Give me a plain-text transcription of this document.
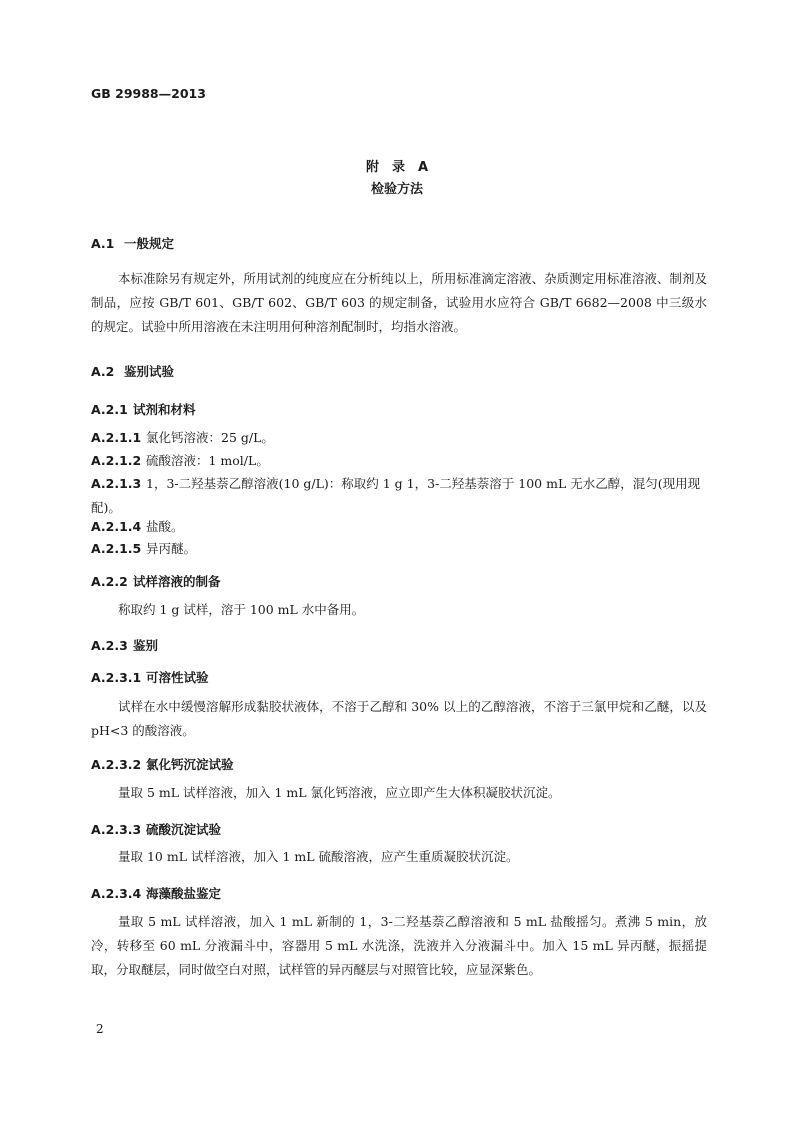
GB 29988—2013
附　录　A
检验方法
A.1 一般规定
本标准除另有规定外，所用试剂的纯度应在分析纯以上，所用标准滴定溶液、杂质测定用标准溶液、制剂及制品，应按 GB/T 601、GB/T 602、GB/T 603 的规定制备，试验用水应符合 GB/T 6682—2008 中三级水的规定。试验中所用溶液在未注明用何种溶剂配制时，均指水溶液。
A.2 鉴别试验
A.2.1 试剂和材料
A.2.1.1 氯化钙溶液：25 g/L。
A.2.1.2 硫酸溶液：1 mol/L。
A.2.1.3 1，3-二羟基萘乙醇溶液(10 g/L)：称取约 1 g 1，3-二羟基萘溶于 100 mL 无水乙醇，混匀(现用现配)。
A.2.1.4 盐酸。
A.2.1.5 异丙醚。
A.2.2 试样溶液的制备
称取约 1 g 试样，溶于 100 mL 水中备用。
A.2.3 鉴别
A.2.3.1 可溶性试验
试样在水中缓慢溶解形成黏胶状液体，不溶于乙醇和 30% 以上的乙醇溶液，不溶于三氯甲烷和乙醚，以及 pH<3 的酸溶液。
A.2.3.2 氯化钙沉淀试验
量取 5 mL 试样溶液，加入 1 mL 氯化钙溶液，应立即产生大体积凝胶状沉淀。
A.2.3.3 硫酸沉淀试验
量取 10 mL 试样溶液，加入 1 mL 硫酸溶液，应产生重质凝胶状沉淀。
A.2.3.4 海藻酸盐鉴定
量取 5 mL 试样溶液，加入 1 mL 新制的 1，3-二羟基萘乙醇溶液和 5 mL 盐酸摇匀。煮沸 5 min，放冷，转移至 60 mL 分液漏斗中，容器用 5 mL 水洗涤，洗液并入分液漏斗中。加入 15 mL 异丙醚，振摇提取，分取醚层，同时做空白对照，试样管的异丙醚层与对照管比较，应显深紫色。
2
